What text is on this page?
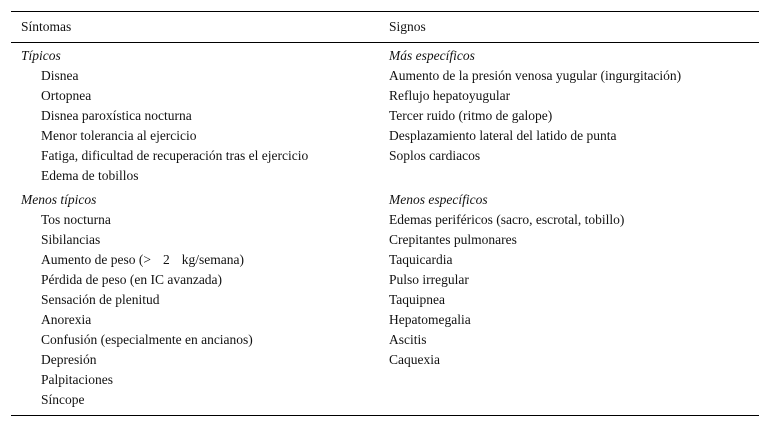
Síntomas	Signos
Típicos
Disnea
Ortopnea
Disnea paroxística nocturna
Menor tolerancia al ejercicio
Fatiga, dificultad de recuperación tras el ejercicio
Edema de tobillos
Menos típicos
Tos nocturna
Sibilancias
Aumento de peso (> 2 kg/semana)
Pérdida de peso (en IC avanzada)
Sensación de plenitud
Anorexia
Confusión (especialmente en ancianos)
Depresión
Palpitaciones
Síncope
Más específicos
Aumento de la presión venosa yugular (ingurgitación)
Reflujo hepatoyugular
Tercer ruido (ritmo de galope)
Desplazamiento lateral del latido de punta
Soplos cardiacos
Menos específicos
Edemas periféricos (sacro, escrotal, tobillo)
Crepitantes pulmonares
Taquicardia
Pulso irregular
Taquipnea
Hepatomegalia
Ascitis
Caquexia
